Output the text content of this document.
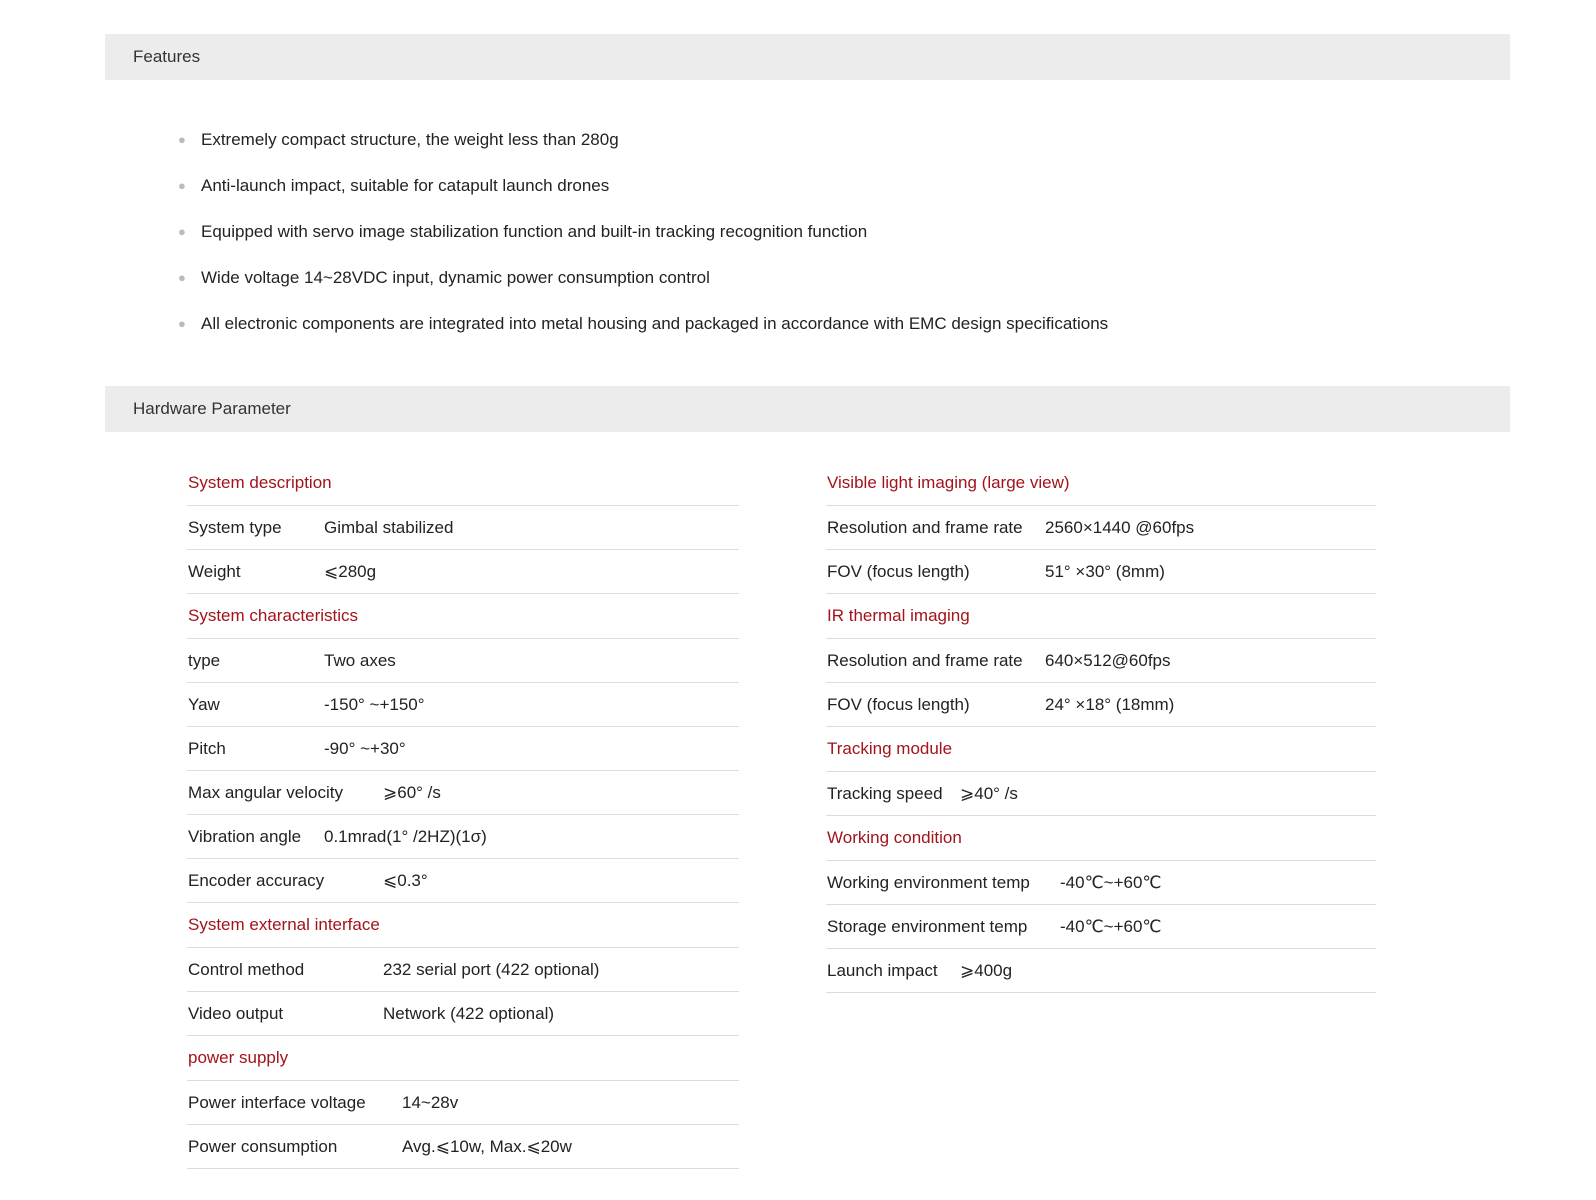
Features
● Extremely compact structure, the weight less than 280g
● Anti-launch impact, suitable for catapult launch drones
● Equipped with servo image stabilization function and built-in tracking recognition function
● Wide voltage 14~28VDC input, dynamic power consumption control
● All electronic components are integrated into metal housing and packaged in accordance with EMC design specifications
Hardware Parameter
System description
System type Gimbal stabilized
Weight	⩽280g
System characteristics
type	Two axes
Yaw	-150° ~+150°
Pitch	-90° ~+30°
Max angular velocity ⩾60° /s
Vibration angle 0.1mrad(1° /2HZ)(1σ)
Encoder accuracy	⩽0.3°
System external interface
Control method	232 serial port (422 optional)
Video output	Network (422 optional)
power supply
Power interface voltage 14~28v
Power consumption	Avg.⩽10w, Max.⩽20w
Visible light imaging (large view)
Resolution and frame rate 2560×1440 @60fps
FOV (focus length)	51° ×30° (8mm)
IR thermal imaging
Resolution and frame rate 640×512@60fps
FOV (focus length)	24° ×18° (18mm)
Tracking module
Tracking speed ⩾40° /s
Working condition
Working environment temp -40℃~+60℃
Storage environment temp -40℃~+60℃
Launch impact ⩾400g
